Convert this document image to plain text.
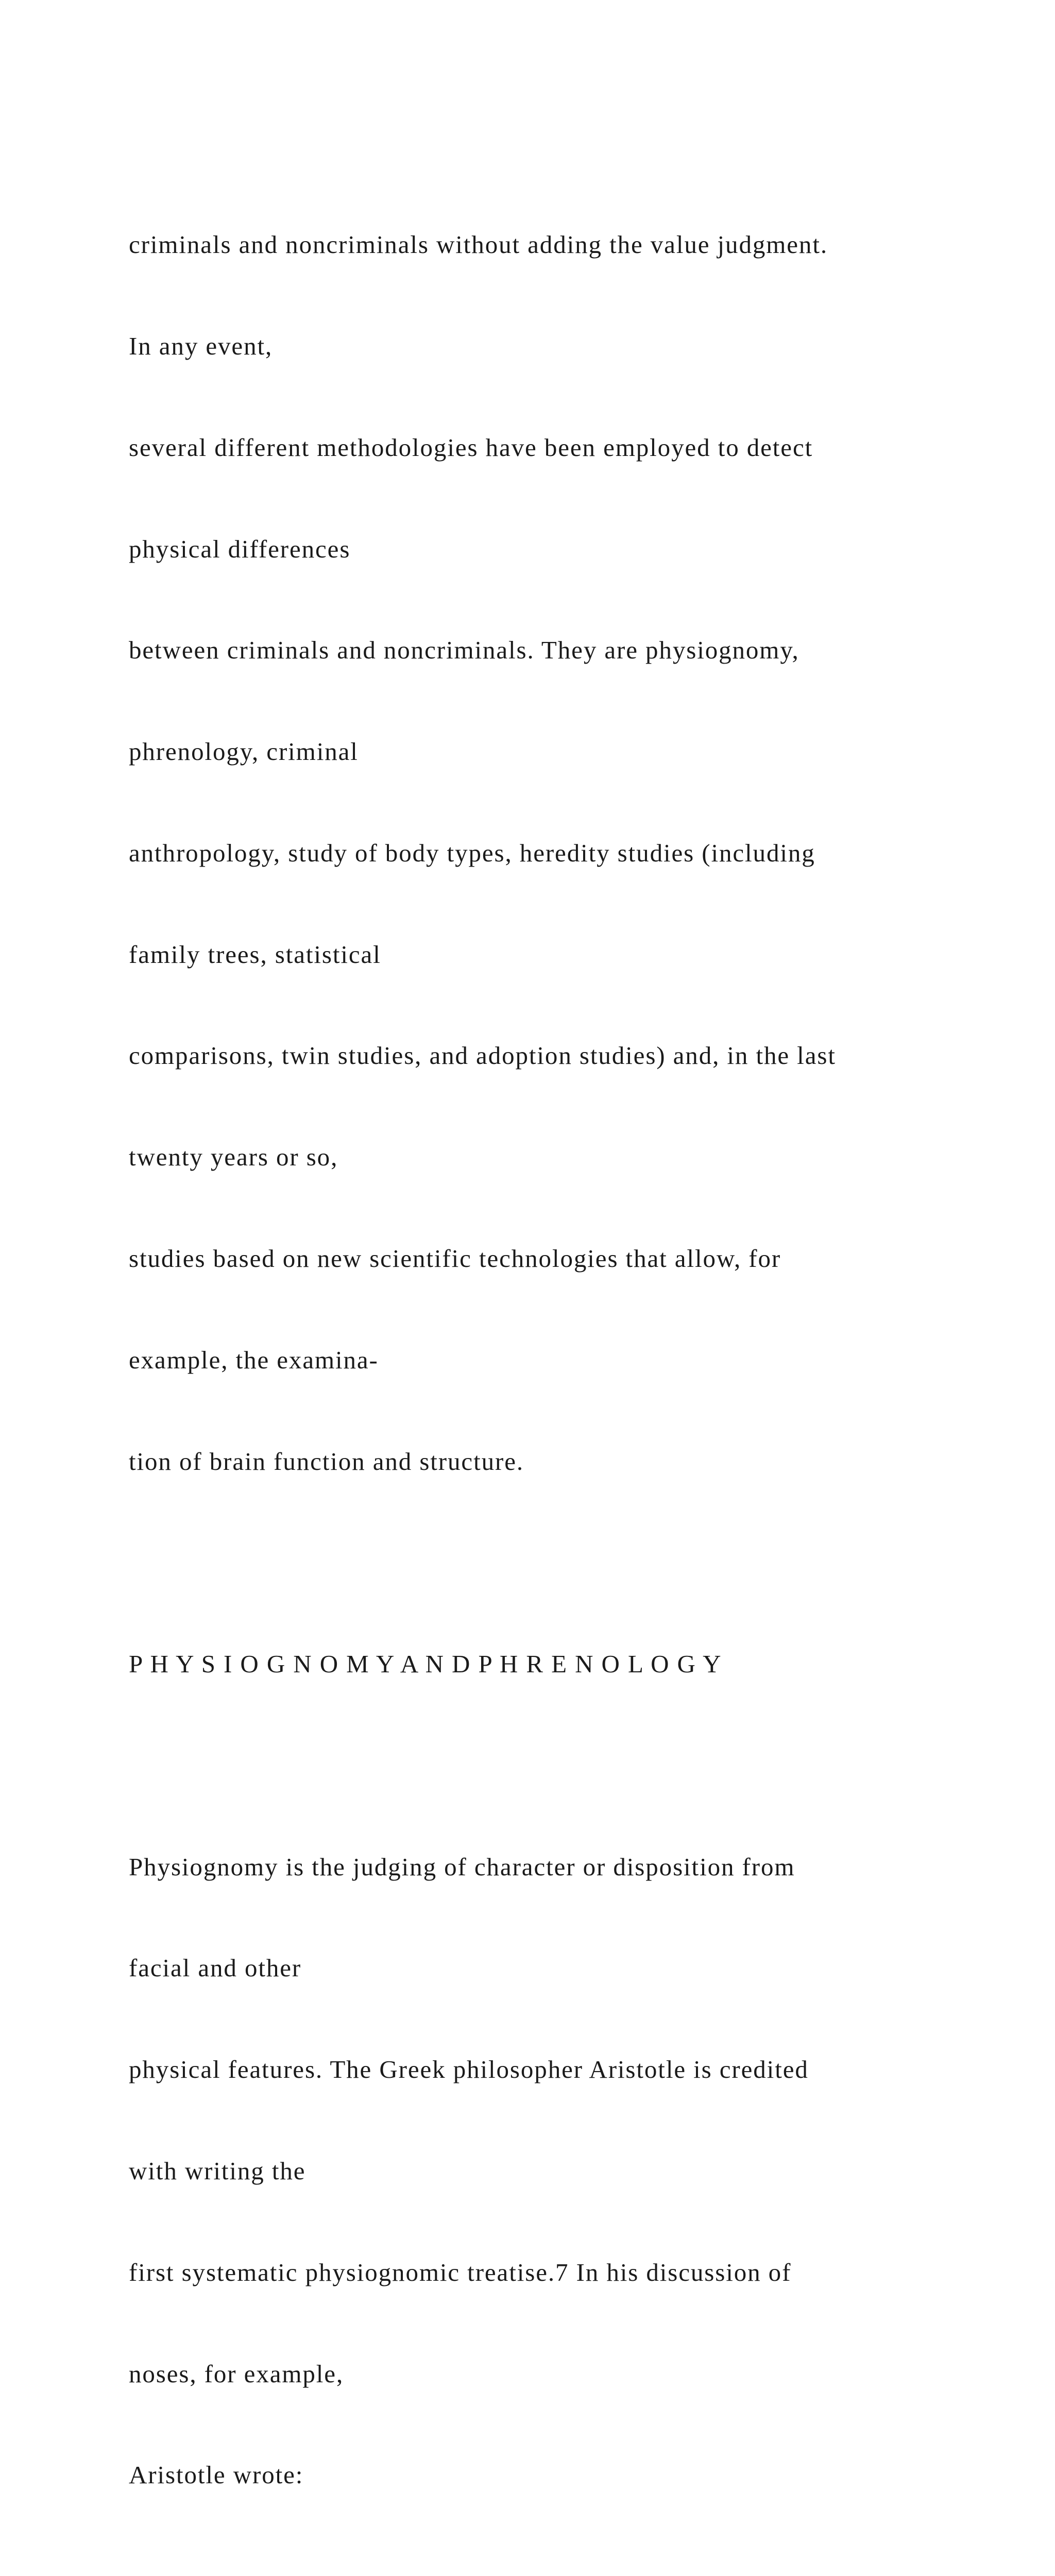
criminals and noncriminals without adding the value judgment.

In any event,

several different methodologies have been employed to detect

physical differences

between criminals and noncriminals. They are physiognomy,

phrenology, criminal

anthropology, study of body types, heredity studies (including

family trees, statistical

comparisons, twin studies, and adoption studies) and, in the last

twenty years or so,

studies based on new scientific technologies that allow, for

example, the examina-

tion of brain function and structure.

P H Y S I O G N O M Y A N D P H R E N O L O G Y

Physiognomy is the judging of character or disposition from

facial and other

physical features. The Greek philosopher Aristotle is credited

with writing the

first systematic physiognomic treatise.7 In his discussion of

noses, for example,

Aristotle wrote:
